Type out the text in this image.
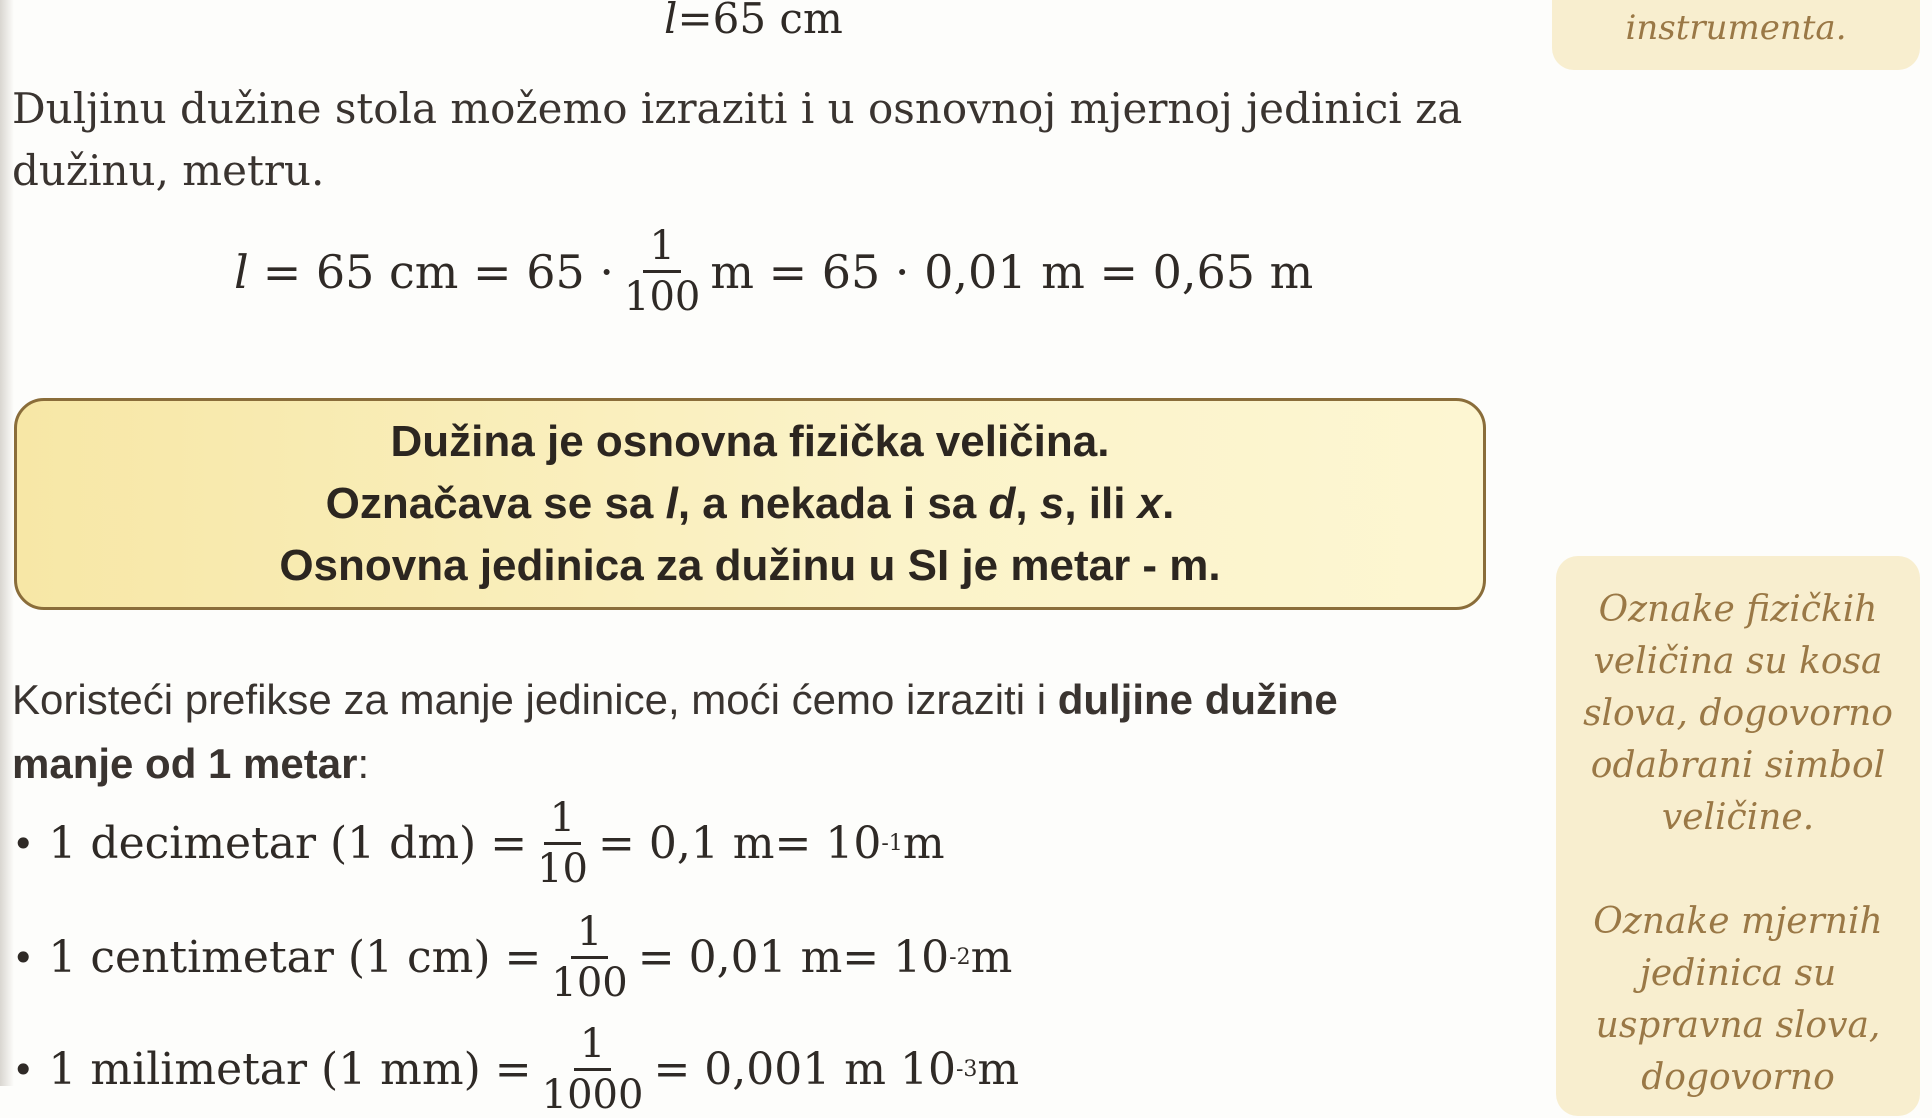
l =65 cm
Duljinu dužine stola možemo izraziti i u osnovnoj mjernoj jedinici za
dužinu, metru.
l = 65 cm = $65 \cdot \frac{1}{100}$ m = 65 · 0,01 m = 0,65 m
Dužina je osnovna fizička veličina.
Označava se sa l, a nekada i sa d, s, ili x.
Osnovna jedinica za dužinu u SI je metar - m.
Koristeći prefikse za manje jedinice, moći ćemo izraziti i duljine dužine
manje od 1 metar:
• 1 decimetar (1 $dm) = \frac{1}{10} = 0,1$ m= 10 -1 m
• 1 centimetar (1 $cm) = \frac{1}{100} = 0,01$ m= 10 -2 m
• 1 milimetar (1 $mm) = \frac{1}{1000} = 0,001$ m 10 -3 m
instrumenta.
Oznake fizičkih
veličina su kosa
slova, dogovorno
odabrani simbol
veličine.
Oznake mjernih
jedinica su
uspravna slova,
dogovorno
